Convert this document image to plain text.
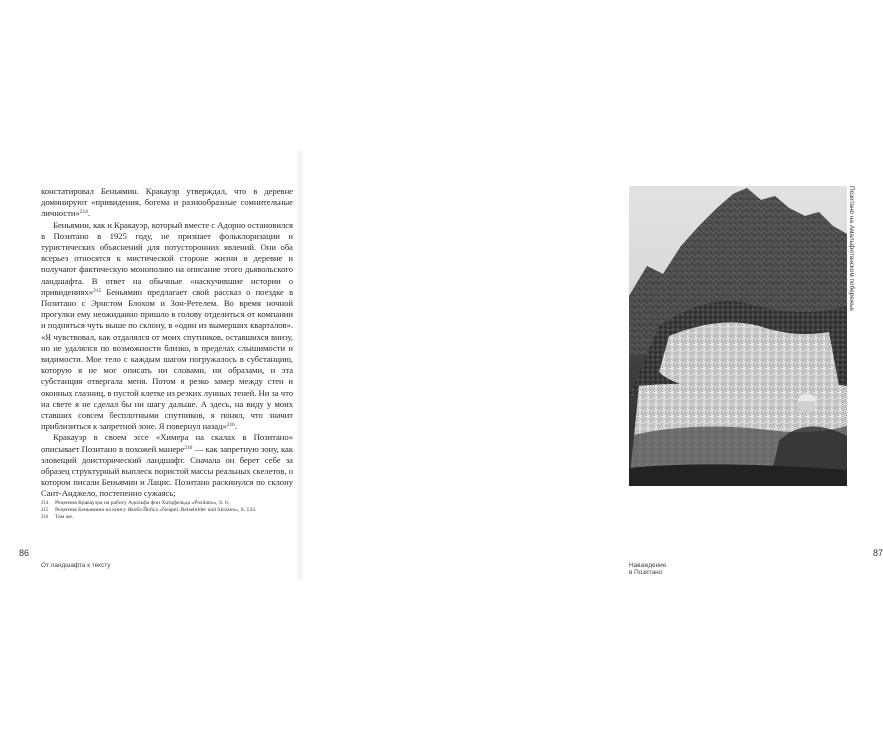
констатировал Беньямин. Кракауэр утверждал, что в деревне доминируют «привидения, богема и разнообразные сомнительные личности»$^{214}$.

Беньямин, как и Кракауэр, который вместе с Адорно остановился в Позитано в 1925 году, не признает фольклоризации и туристических объяснений для потусторонних явлений. Они оба всерьез относятся к мистической стороне жизни в деревне и получают фактическую монополию на описание этого дьявольского ландшафта. В ответ на обычные «наскучившие истории о привидениях»$^{215}$ Беньямин предлагает свой рассказ о поездке в Позитано с Эрнстом Блохом и Зон-Ретелем. Во время ночной прогулки ему неожиданно пришло в голову отделиться от компании и подняться чуть выше по склону, в «один из вымерших кварталов». «Я чувствовал, как отдалялся от моих спутников, оставшихся внизу, но не удалялся по возможности близко, в пределах слышимости и видимости. Мое тело с каждым шагом погружалось в субстанцию, которую я не мог описать ни словами, ни образами, и эта субстанция отвергала меня. Потом я резко замер между стен и оконных глазниц, в пустой клетке из резких лунных теней. Ни за что на свете я не сделал бы ни шагу дальше. А здесь, на виду у моих ставших совсем бесплотными спутников, я понял, что значит приблизиться к запретной зоне. Я повернул назад»$^{216}$.

Кракауэр в своем эссе «Химера на скалах в Позитано» описывает Позитано в похожей манере$^{216}$ — как запретную зону, как зловещий доисторический ландшафт. Сначала он берет себе за образец структурный выплеск пористой массы реальных скелетов, о котором писали Беньямин и Лацис. Позитано раскинулся по склону Сант-Анджело, постепенно сужаясь;

214	Рецензия Кракауэра на работу Адольфа фон Хатцфельда «Positano», S. 6.
215	Рецензия Беньямина на книгу Якоба Йобса «Neapel. Reisebilder und Skizzen», S. 133.
216	Там же.
86
От ландшафта к тексту
Позитано на Амальфитанском побережье
87
Наваждение в Позитано
